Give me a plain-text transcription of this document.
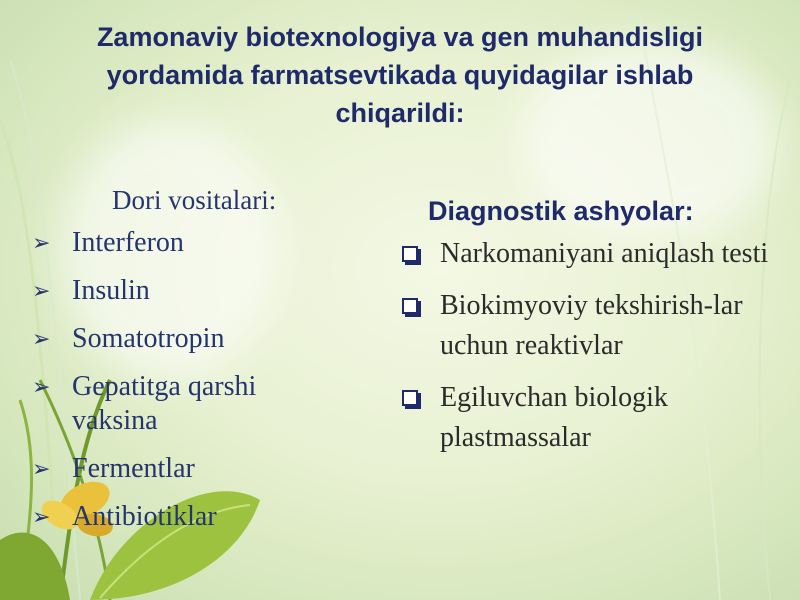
Zamonaviy biotexnologiya va gen muhandisligi yordamida farmatsevtikada quyidagilar ishlab chiqarildi:
Dori vositalari:
➢ Interferon
➢ Insulin
➢ Somatotropin
➢ Gepatitga qarshi vaksina
➢ Fermentlar
➢ Antibiotiklar
Diagnostik ashyolar:
Narkomaniyani aniqlash testi
Biokimyoviy tekshirish-lar uchun reaktivlar
Egiluvchan biologik plastmassalar
